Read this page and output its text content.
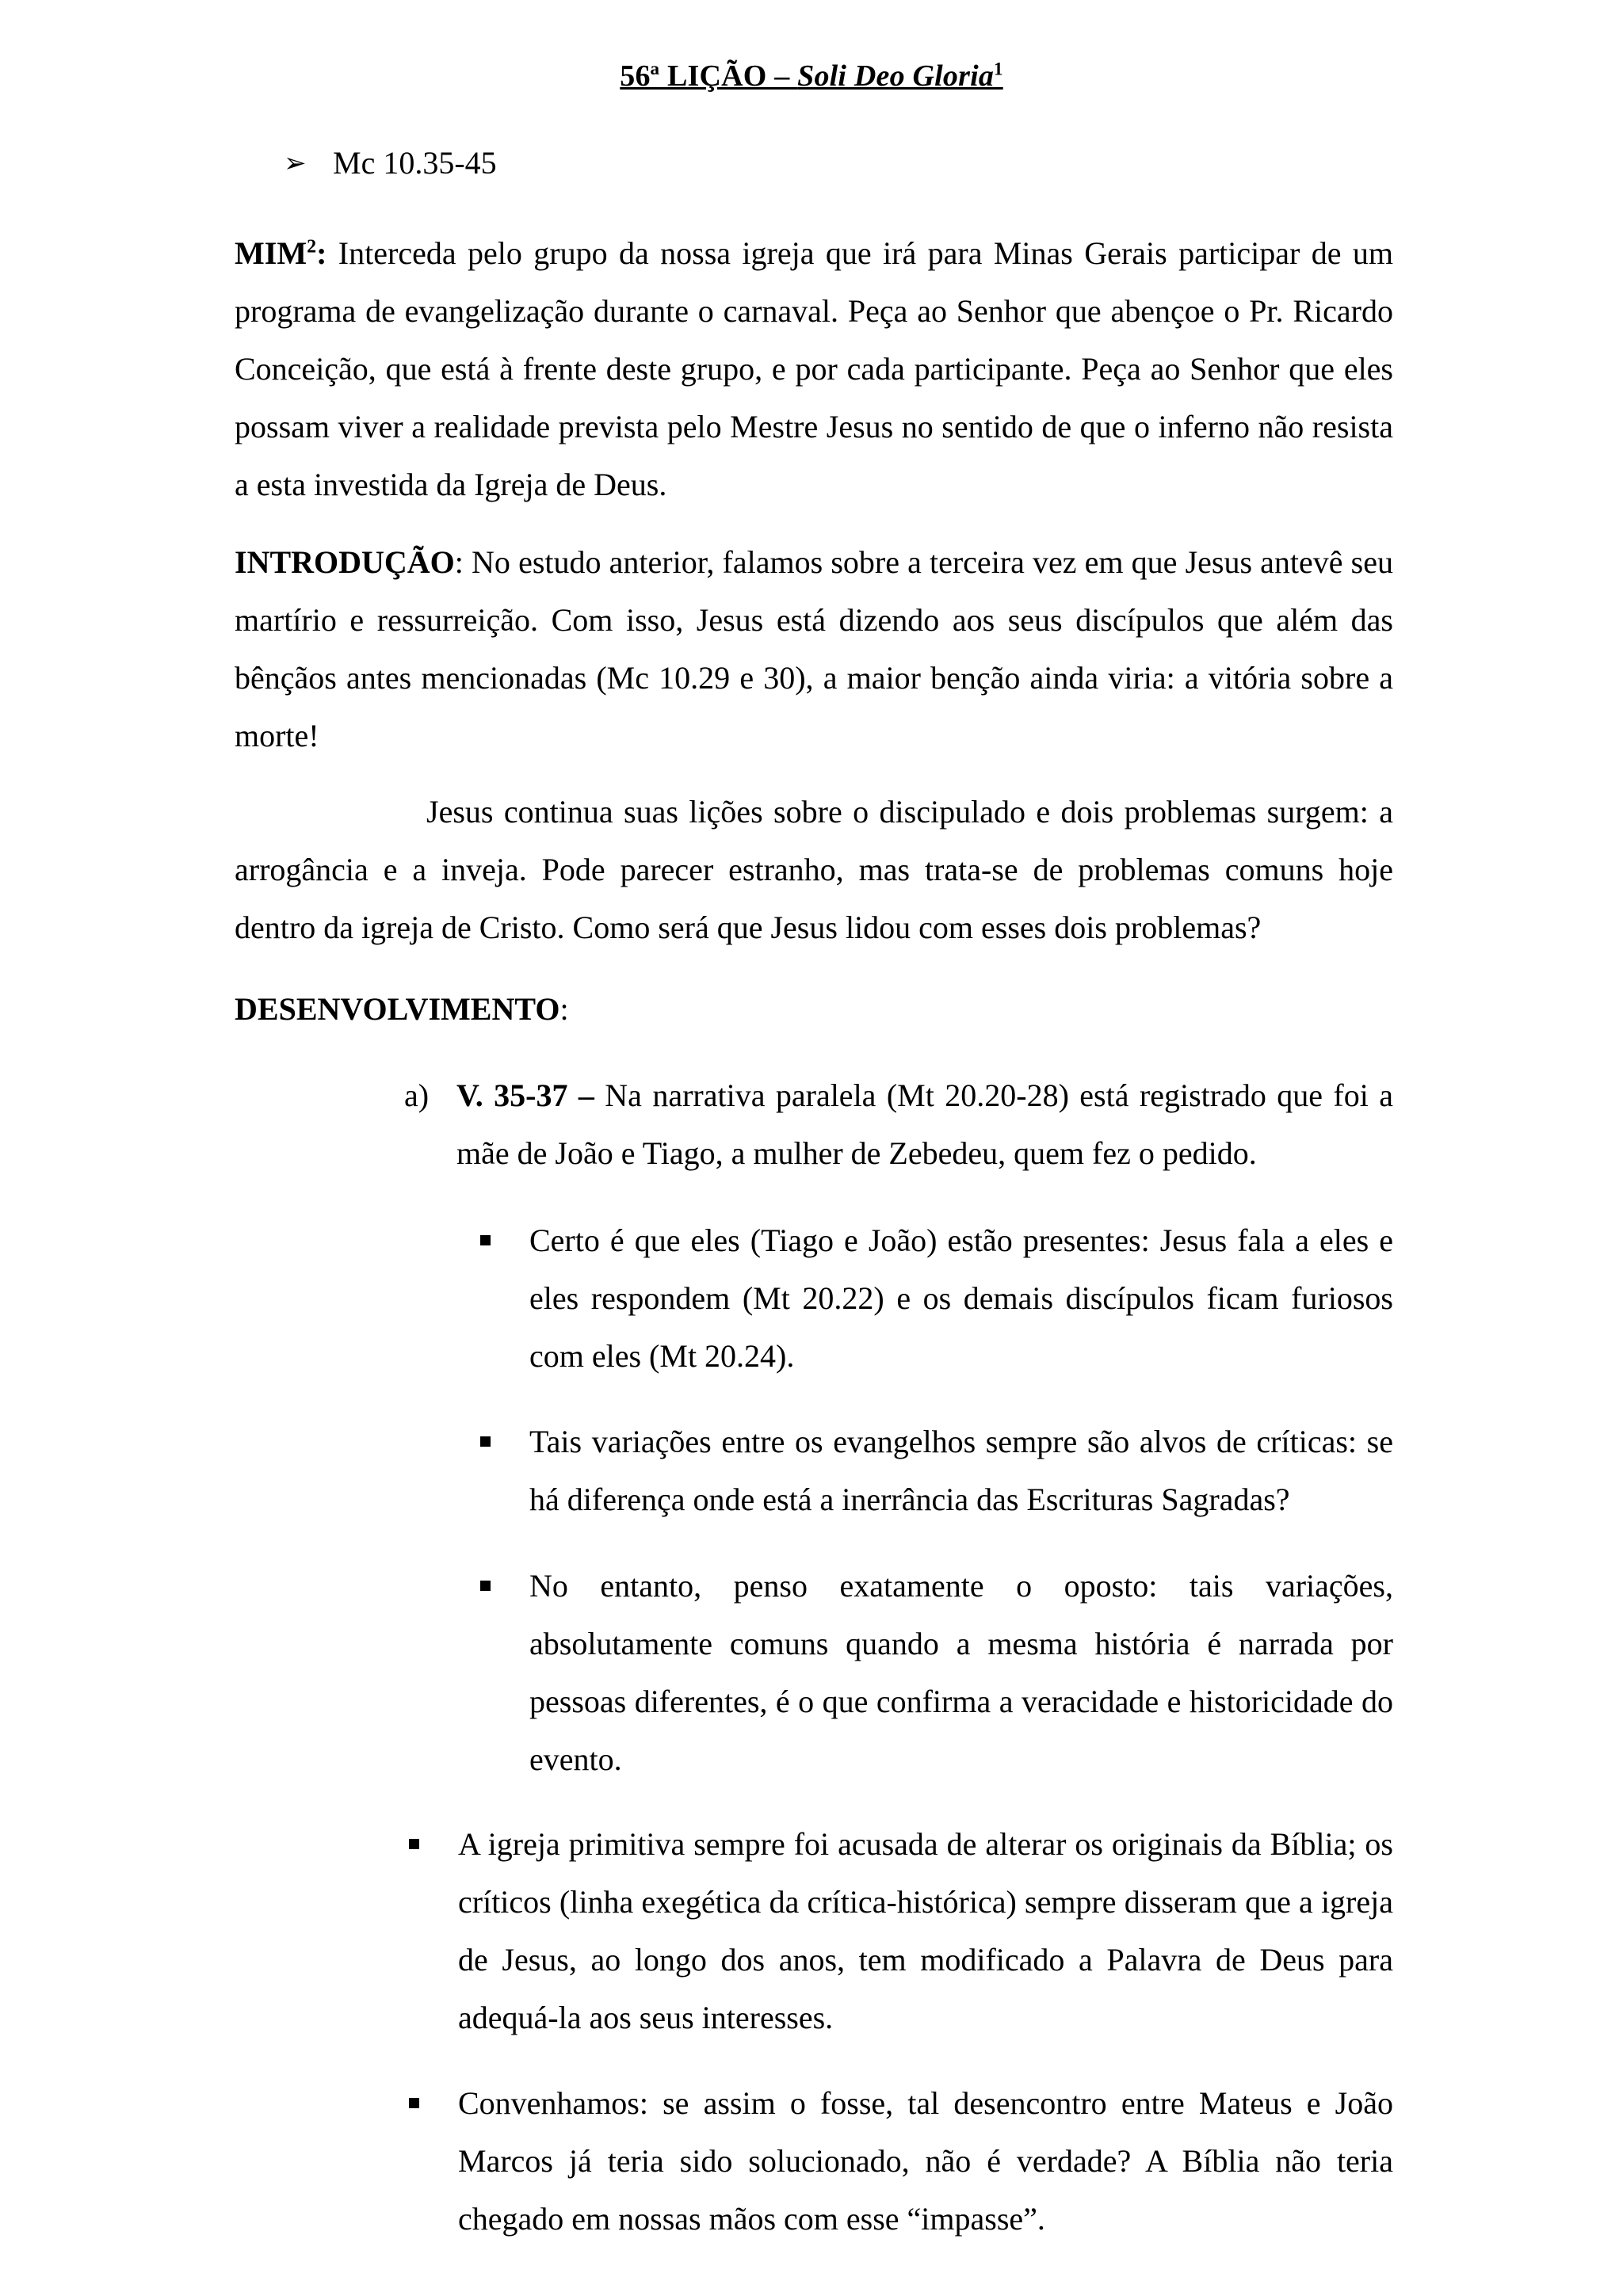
56ª LIÇÃO – Soli Deo Gloria$^1$
➢ Mc 10.35-45
MIM$^2$: Interceda pelo grupo da nossa igreja que irá para Minas Gerais participar de um programa de evangelização durante o carnaval. Peça ao Senhor que abençoe o Pr. Ricardo Conceição, que está à frente deste grupo, e por cada participante. Peça ao Senhor que eles possam viver a realidade prevista pelo Mestre Jesus no sentido de que o inferno não resista a esta investida da Igreja de Deus.
INTRODUÇÃO: No estudo anterior, falamos sobre a terceira vez em que Jesus antevê seu martírio e ressurreição. Com isso, Jesus está dizendo aos seus discípulos que além das bênçãos antes mencionadas (Mc 10.29 e 30), a maior benção ainda viria: a vitória sobre a morte!
Jesus continua suas lições sobre o discipulado e dois problemas surgem: a arrogância e a inveja. Pode parecer estranho, mas trata-se de problemas comuns hoje dentro da igreja de Cristo. Como será que Jesus lidou com esses dois problemas?
DESENVOLVIMENTO:
a) V. 35-37 – Na narrativa paralela (Mt 20.20-28) está registrado que foi a mãe de João e Tiago, a mulher de Zebedeu, quem fez o pedido.
Certo é que eles (Tiago e João) estão presentes: Jesus fala a eles e eles respondem (Mt 20.22) e os demais discípulos ficam furiosos com eles (Mt 20.24).
Tais variações entre os evangelhos sempre são alvos de críticas: se há diferença onde está a inerrância das Escrituras Sagradas?
No entanto, penso exatamente o oposto: tais variações, absolutamente comuns quando a mesma história é narrada por pessoas diferentes, é o que confirma a veracidade e historicidade do evento.
A igreja primitiva sempre foi acusada de alterar os originais da Bíblia; os críticos (linha exegética da crítica-histórica) sempre disseram que a igreja de Jesus, ao longo dos anos, tem modificado a Palavra de Deus para adequá-la aos seus interesses.
Convenhamos: se assim o fosse, tal desencontro entre Mateus e João Marcos já teria sido solucionado, não é verdade? A Bíblia não teria chegado em nossas mãos com esse “impasse”.
